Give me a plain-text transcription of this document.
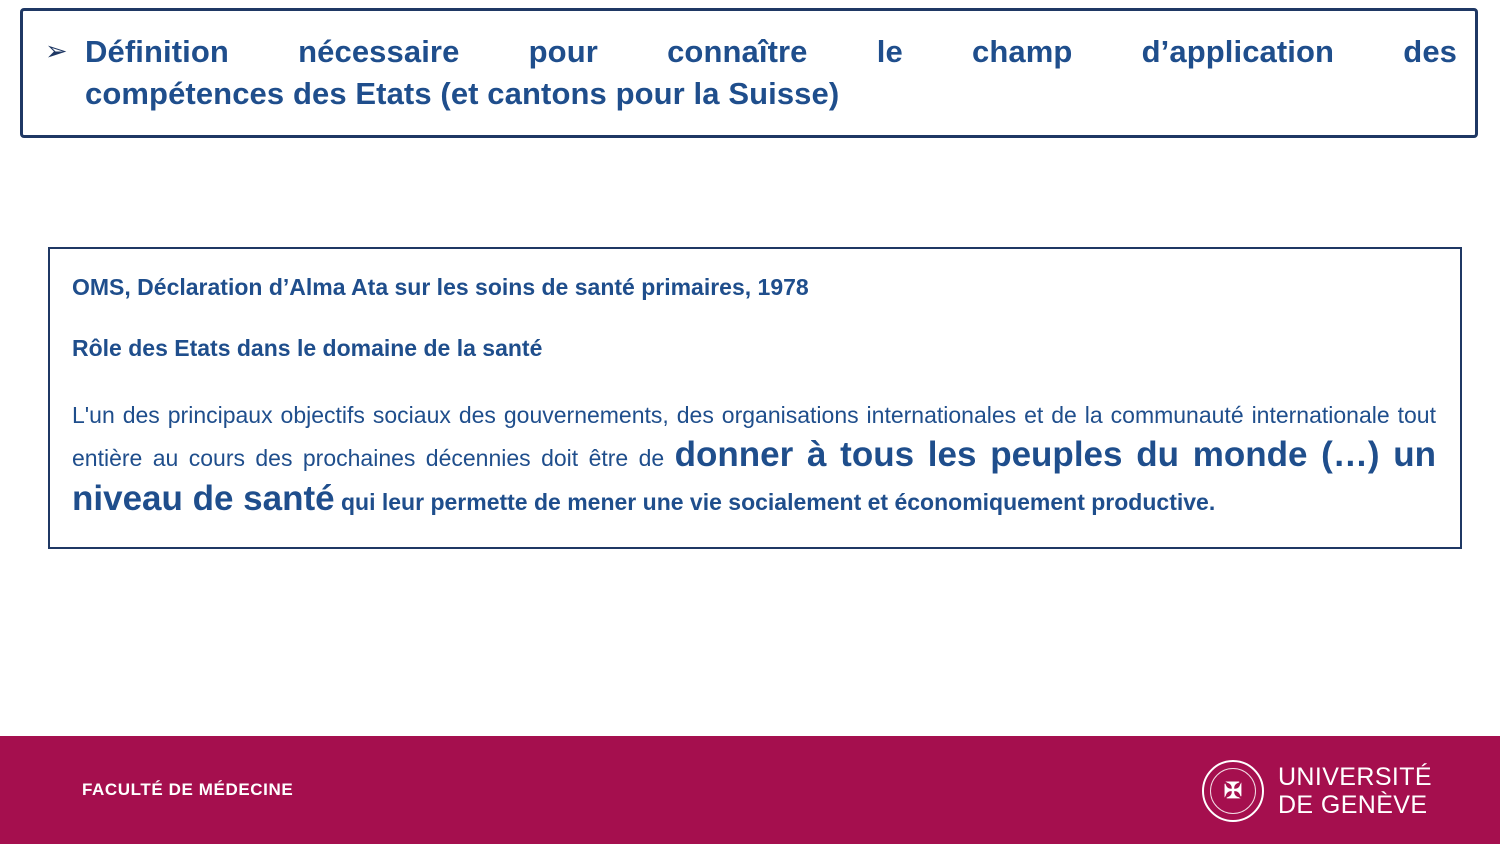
➢ Définition nécessaire pour connaître le champ d’application des
compétences des Etats (et cantons pour la Suisse)

OMS, Déclaration d’Alma Ata sur les soins de santé primaires, 1978

Rôle des Etats dans le domaine de la santé

L'un des principaux objectifs sociaux des gouvernements, des organisations internationales et de la communauté internationale tout entière au cours des prochaines décennies doit être de donner à tous les peuples du monde (…) un niveau de santé qui leur permette de mener une vie socialement et économiquement productive.

FACULTÉ DE MÉDECINE	✠	UNIVERSITÉ
DE GENÈVE
